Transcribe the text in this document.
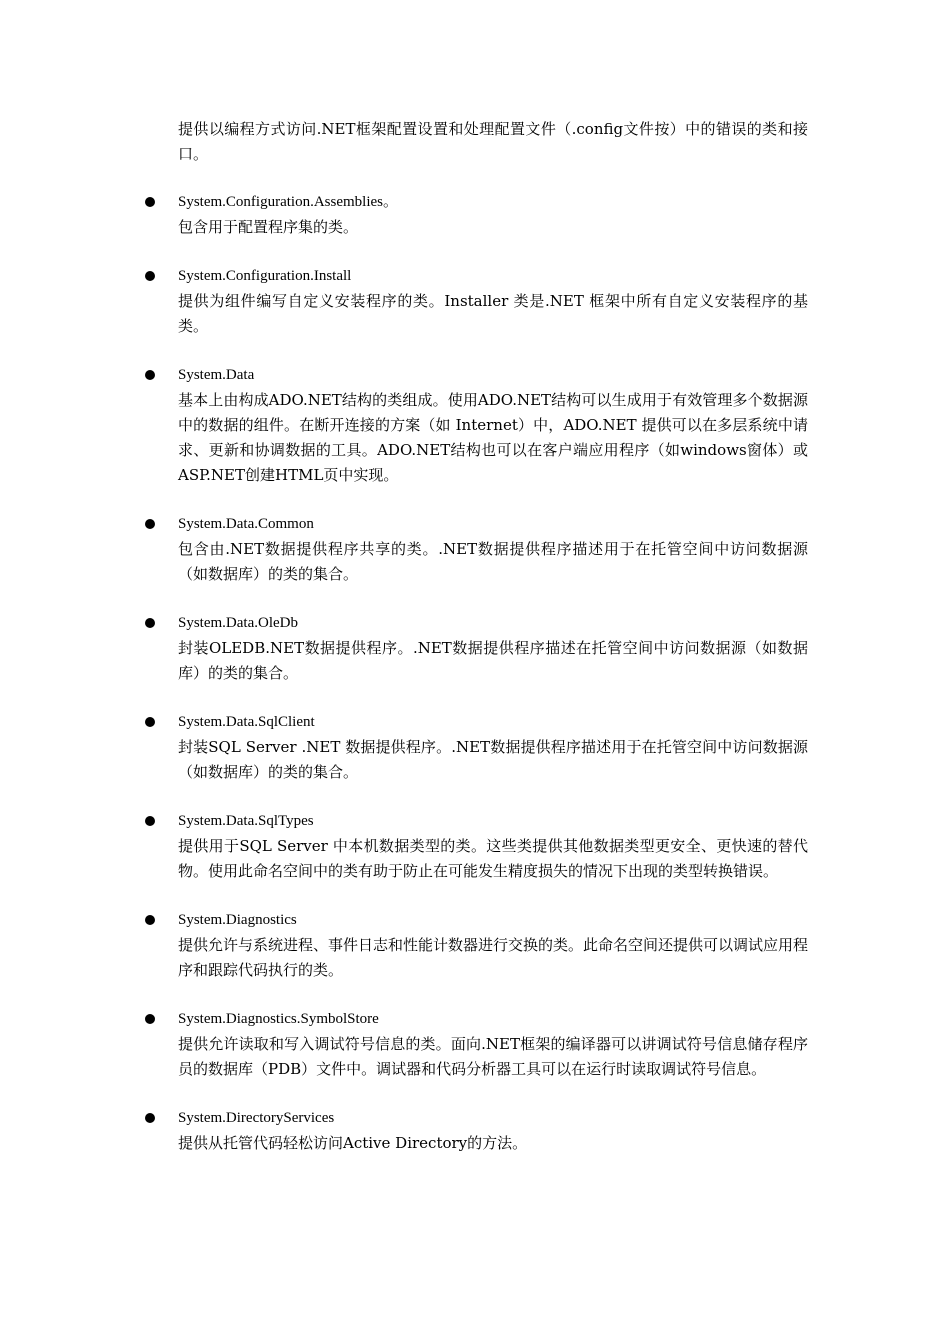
提供以编程方式访问.NET框架配置设置和处理配置文件（.config文件按）中的错误的类和接口。
System.Configuration.Assemblies。
包含用于配置程序集的类。
System.Configuration.Install
提供为组件编写自定义安装程序的类。Installer 类是.NET 框架中所有自定义安装程序的基类。
System.Data
基本上由构成ADO.NET结构的类组成。使用ADO.NET结构可以生成用于有效管理多个数据源中的数据的组件。在断开连接的方案（如 Internet）中，ADO.NET 提供可以在多层系统中请求、更新和协调数据的工具。ADO.NET结构也可以在客户端应用程序（如windows窗体）或ASP.NET创建HTML页中实现。
System.Data.Common
包含由.NET数据提供程序共享的类。.NET数据提供程序描述用于在托管空间中访问数据源（如数据库）的类的集合。
System.Data.OleDb
封装OLEDB.NET数据提供程序。.NET数据提供程序描述在托管空间中访问数据源（如数据库）的类的集合。
System.Data.SqlClient
封装SQL Server .NET 数据提供程序。.NET数据提供程序描述用于在托管空间中访问数据源（如数据库）的类的集合。
System.Data.SqlTypes
提供用于SQL Server 中本机数据类型的类。这些类提供其他数据类型更安全、更快速的替代物。使用此命名空间中的类有助于防止在可能发生精度损失的情况下出现的类型转换错误。
System.Diagnostics
提供允许与系统进程、事件日志和性能计数器进行交换的类。此命名空间还提供可以调试应用程序和跟踪代码执行的类。
System.Diagnostics.SymbolStore
提供允许读取和写入调试符号信息的类。面向.NET框架的编译器可以讲调试符号信息储存程序员的数据库（PDB）文件中。调试器和代码分析器工具可以在运行时读取调试符号信息。
System.DirectoryServices
提供从托管代码轻松访问Active Directory的方法。
